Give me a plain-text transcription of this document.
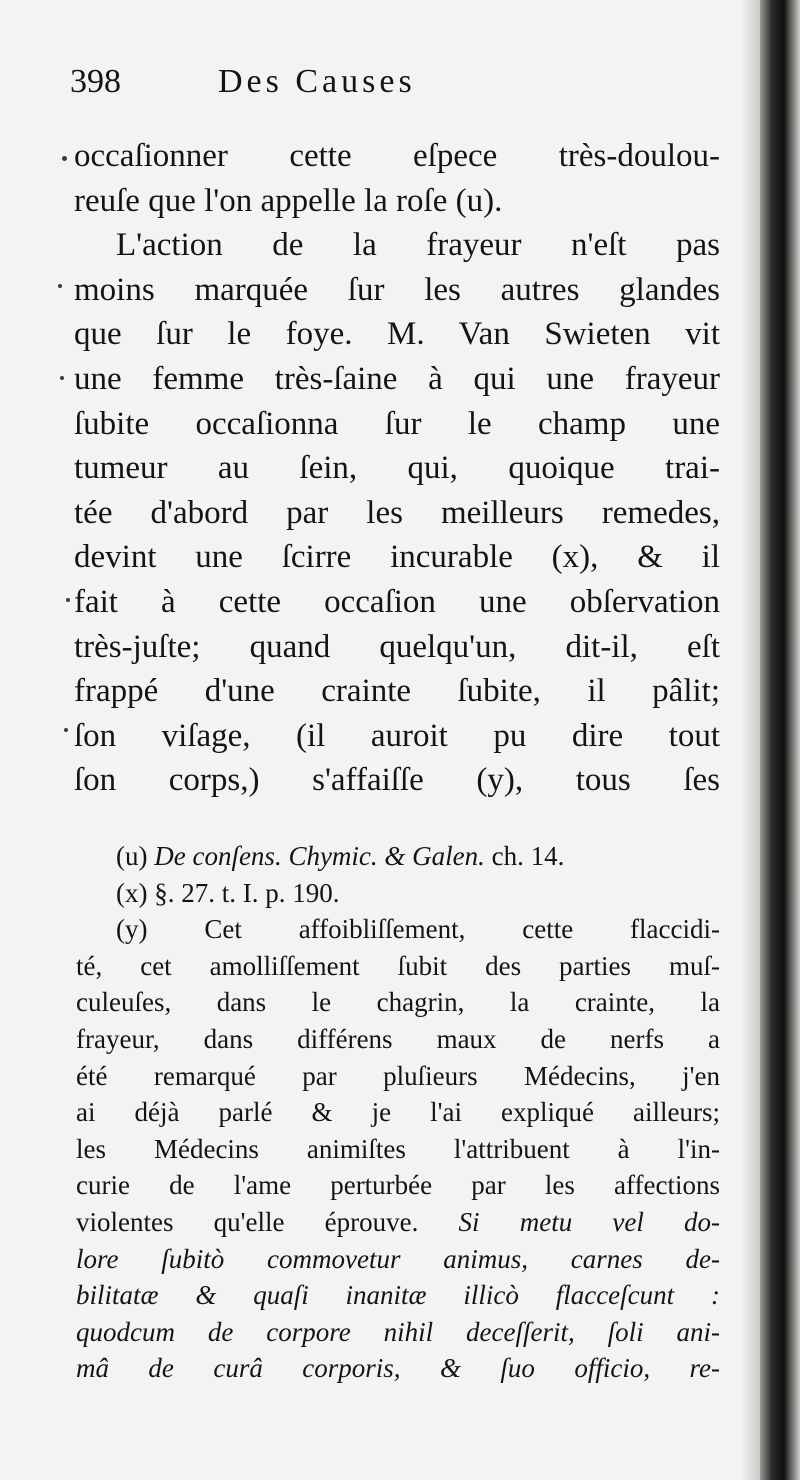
398	Des Causes
occaſionner cette eſpece très-doulou-
reuſe que l'on appelle la roſe (u).
L'action de la frayeur n'eſt pas
moins marquée ſur les autres glandes
que ſur le foye. M. Van Swieten vit
une femme très-ſaine à qui une frayeur
ſubite occaſionna ſur le champ une
tumeur au ſein, qui, quoique trai-
tée d'abord par les meilleurs remedes,
devint une ſcirre incurable (x), & il
fait à cette occaſion une obſervation
très-juſte; quand quelqu'un, dit-il, eſt
frappé d'une crainte ſubite, il pâlit;
ſon viſage, (il auroit pu dire tout
ſon corps,) s'affaiſſe (y), tous ſes
(u) De conſens. Chymic. & Galen. ch. 14.
(x) §. 27. t. I. p. 190.
(y) Cet affoibliſſement, cette flaccidi-
té, cet amolliſſement ſubit des parties muſ-
culeuſes, dans le chagrin, la crainte, la
frayeur, dans différens maux de nerfs a
été remarqué par pluſieurs Médecins, j'en
ai déjà parlé & je l'ai expliqué ailleurs;
les Médecins animiſtes l'attribuent à l'in-
curie de l'ame perturbée par les affections
violentes qu'elle éprouve. Si metu vel do-
lore ſubitò commovetur animus, carnes de-
bilitatæ & quaſi inanitæ illicò flacceſcunt :
quodcum de corpore nihil deceſſerit, ſoli ani-
mâ de curâ corporis, & ſuo officio, re-
